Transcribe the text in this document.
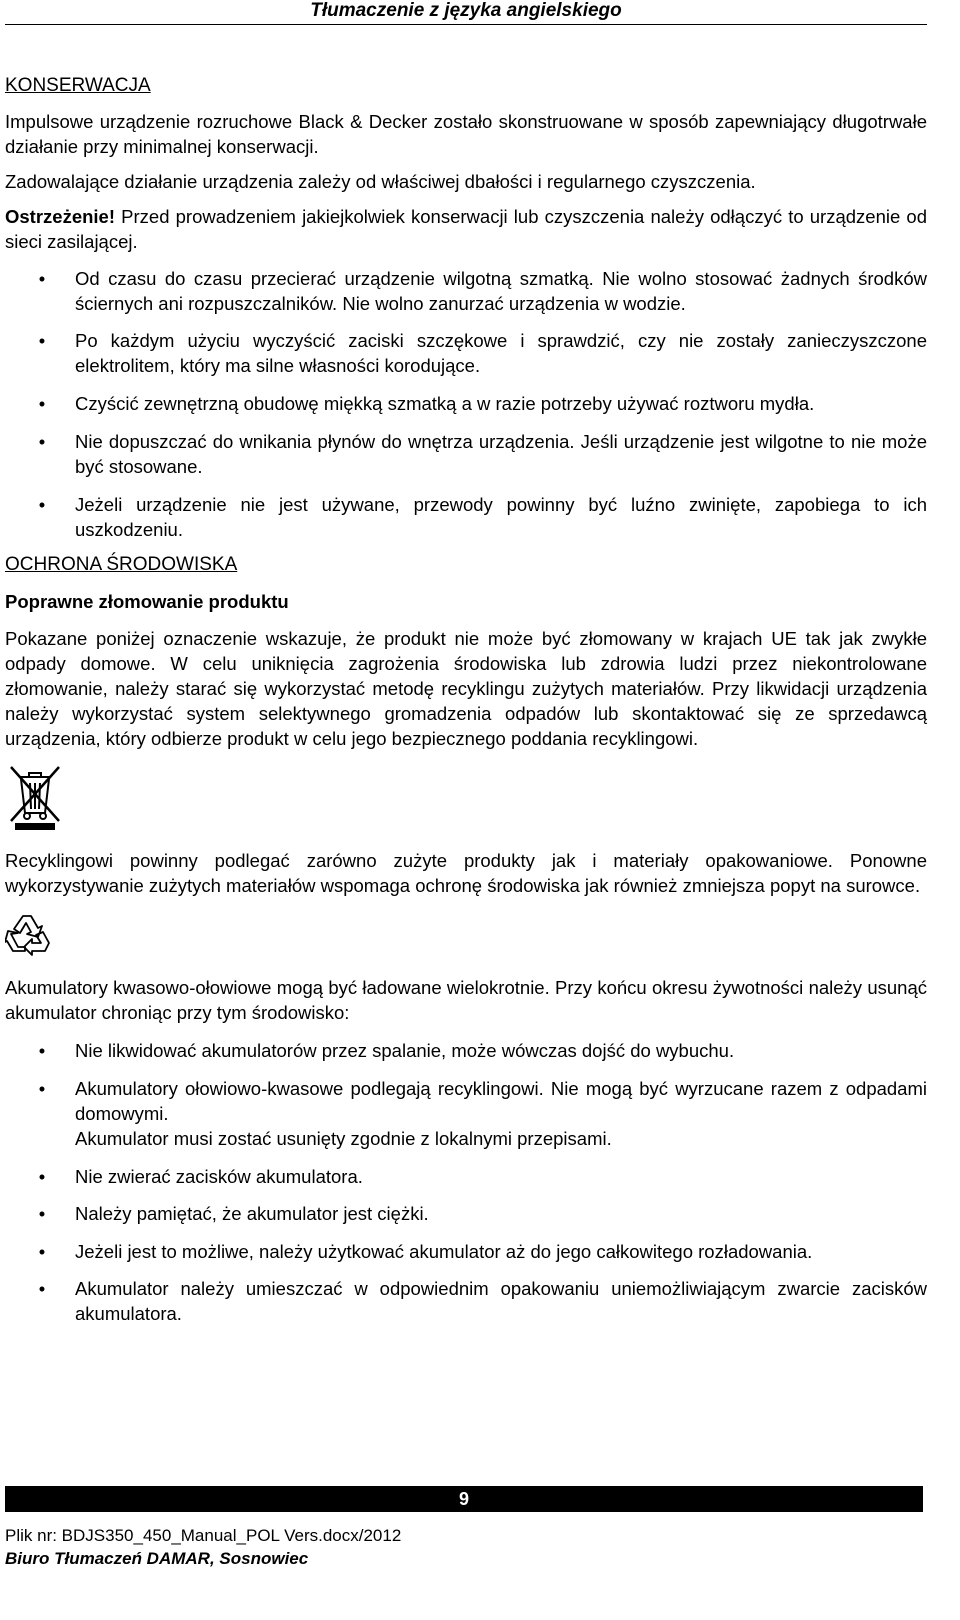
Tłumaczenie z języka angielskiego
KONSERWACJA

Impulsowe urządzenie rozruchowe Black & Decker zostało skonstruowane w sposób zapewniający długotrwałe działanie przy minimalnej konserwacji.

Zadowalające działanie urządzenia zależy od właściwej dbałości i regularnego czyszczenia.

Ostrzeżenie! Przed prowadzeniem jakiejkolwiek konserwacji lub czyszczenia należy odłączyć to urządzenie od sieci zasilającej.

• Od czasu do czasu przecierać urządzenie wilgotną szmatką. Nie wolno stosować żadnych środków ściernych ani rozpuszczalników. Nie wolno zanurzać urządzenia w wodzie.
• Po każdym użyciu wyczyścić zaciski szczękowe i sprawdzić, czy nie zostały zanieczyszczone elektrolitem, który ma silne własności korodujące.
• Czyścić zewnętrzną obudowę miękką szmatką a w razie potrzeby używać roztworu mydła.
• Nie dopuszczać do wnikania płynów do wnętrza urządzenia. Jeśli urządzenie jest wilgotne to nie może być stosowane.
• Jeżeli urządzenie nie jest używane, przewody powinny być luźno zwinięte, zapobiega to ich uszkodzeniu.
OCHRONA ŚRODOWISKA
Poprawne złomowanie produktu

Pokazane poniżej oznaczenie wskazuje, że produkt nie może być złomowany w krajach UE tak jak zwykłe odpady domowe. W celu uniknięcia zagrożenia środowiska lub zdrowia ludzi przez niekontrolowane złomowanie, należy starać się wykorzystać metodę recyklingu zużytych materiałów. Przy likwidacji urządzenia należy wykorzystać system selektywnego gromadzenia odpadów lub skontaktować się ze sprzedawcą urządzenia, który odbierze produkt w celu jego bezpiecznego poddania recyklingowi.

Recyklingowi powinny podlegać zarówno zużyte produkty jak i materiały opakowaniowe. Ponowne wykorzystywanie zużytych materiałów wspomaga ochronę środowiska jak również zmniejsza popyt na surowce.

Akumulatory kwasowo-ołowiowe mogą być ładowane wielokrotnie. Przy końcu okresu żywotności należy usunąć akumulator chroniąc przy tym środowisko:

• Nie likwidować akumulatorów przez spalanie, może wówczas dojść do wybuchu.
• Akumulatory ołowiowo-kwasowe podlegają recyklingowi. Nie mogą być wyrzucane razem z odpadami domowymi.
Akumulator musi zostać usunięty zgodnie z lokalnymi przepisami.
• Nie zwierać zacisków akumulatora.
• Należy pamiętać, że akumulator jest ciężki.
• Jeżeli jest to możliwe, należy użytkować akumulator aż do jego całkowitego rozładowania.
• Akumulator należy umieszczać w odpowiednim opakowaniu uniemożliwiającym zwarcie zacisków akumulatora.
9
Plik nr: BDJS350_450_Manual_POL Vers.docx/2012
Biuro Tłumaczeń DAMAR, Sosnowiec
